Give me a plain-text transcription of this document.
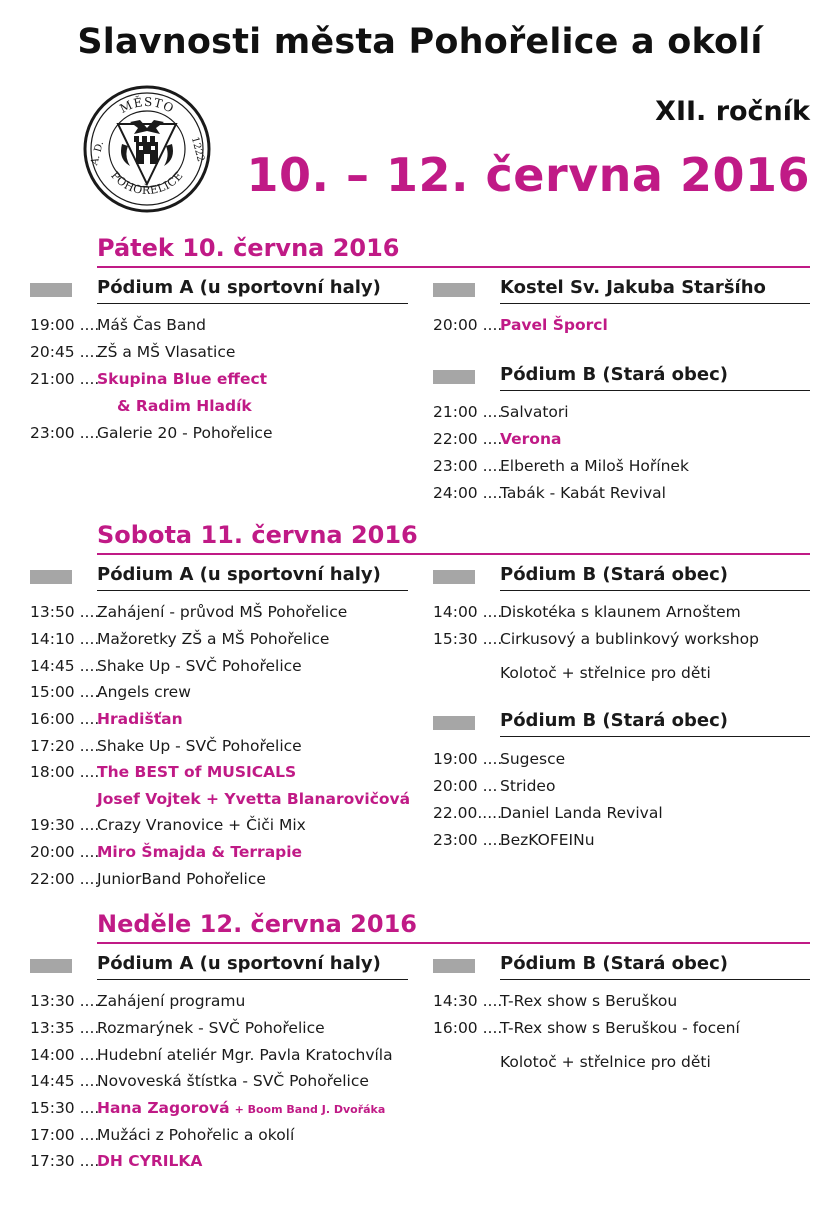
Slavnosti města Pohořelice a okolí
MĚSTO
POHOŘELICE
A. D.	1222
XII. ročník
10. – 12. června 2016
Pátek 10. června 2016
Pódium A (u sportovní haly)
19:00 ....Máš Čas Band
20:45 ....ZŠ a MŠ Vlasatice
21:00 ....Skupina Blue effect
& Radim Hladík
23:00 ....Galerie 20 - Pohořelice
Kostel Sv. Jakuba Staršího
20:00 ....Pavel Šporcl
Pódium B (Stará obec)
21:00 ....Salvatori
22:00 ....Verona
23:00 ....Elbereth a Miloš Hořínek
24:00 ....Tabák - Kabát Revival
Sobota 11. června 2016
Pódium A (u sportovní haly)
13:50 ....Zahájení - průvod MŠ Pohořelice
14:10 ....Mažoretky ZŠ a MŠ Pohořelice
14:45 ....Shake Up - SVČ Pohořelice
15:00 ....Angels crew
16:00 ....Hradišťan
17:20 ....Shake Up - SVČ Pohořelice
18:00 ....The BEST of MUSICALS
Josef Vojtek + Yvetta Blanarovičová
19:30 ....Crazy Vranovice + Čiči Mix
20:00 ....Miro Šmajda & Terrapie
22:00 ....JuniorBand Pohořelice
Pódium B (Stará obec)
14:00 ....Diskotéka s klaunem Arnoštem
15:30 ....Cirkusový a bublinkový workshop
Kolotoč + střelnice pro děti
Pódium B (Stará obec)
19:00 ....Sugesce
20:00 ... Strideo
22.00.....Daniel Landa Revival
23:00 ....BezKOFEINu
Neděle 12. června 2016
Pódium A (u sportovní haly)
13:30 ....Zahájení programu
13:35 ....Rozmarýnek - SVČ Pohořelice
14:00 ....Hudební ateliér Mgr. Pavla Kratochvíla
14:45 ....Novoveská štístka - SVČ Pohořelice
15:30 ....Hana Zagorová + Boom Band J. Dvořáka
17:00 ....Mužáci z Pohořelic a okolí
17:30 ....DH CYRILKA
Pódium B (Stará obec)
14:30 ....T-Rex show s Beruškou
16:00 ....T-Rex show s Beruškou - focení
Kolotoč + střelnice pro děti
